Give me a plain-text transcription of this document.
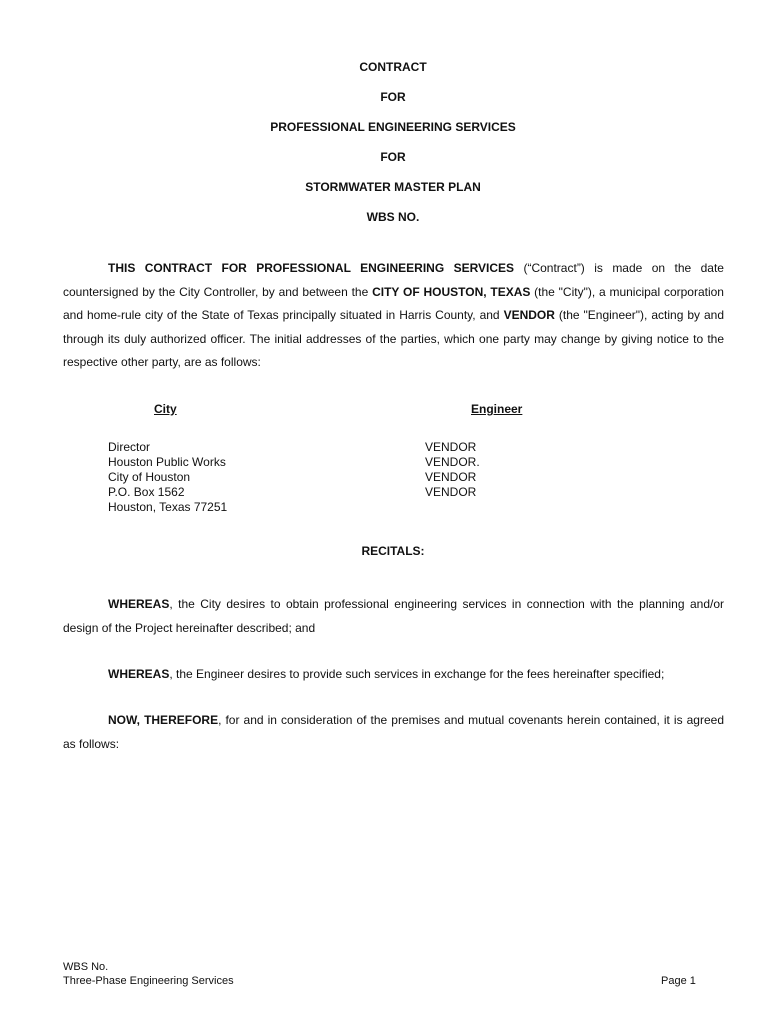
CONTRACT
FOR
PROFESSIONAL ENGINEERING SERVICES
FOR
STORMWATER MASTER PLAN
WBS NO.
THIS CONTRACT FOR PROFESSIONAL ENGINEERING SERVICES (“Contract”) is made on the date countersigned by the City Controller, by and between the CITY OF HOUSTON, TEXAS (the "City"), a municipal corporation and home-rule city of the State of Texas principally situated in Harris County, and VENDOR (the "Engineer"), acting by and through its duly authorized officer. The initial addresses of the parties, which one party may change by giving notice to the respective other party, are as follows:
City	Engineer
Director
Houston Public Works
City of Houston
P.O. Box 1562
Houston, Texas 77251
VENDOR
VENDOR.
VENDOR
VENDOR
RECITALS:
WHEREAS, the City desires to obtain professional engineering services in connection with the planning and/or design of the Project hereinafter described; and
WHEREAS, the Engineer desires to provide such services in exchange for the fees hereinafter specified;
NOW, THEREFORE, for and in consideration of the premises and mutual covenants herein contained, it is agreed as follows:
WBS No.
Three-Phase Engineering Services	Page 1
